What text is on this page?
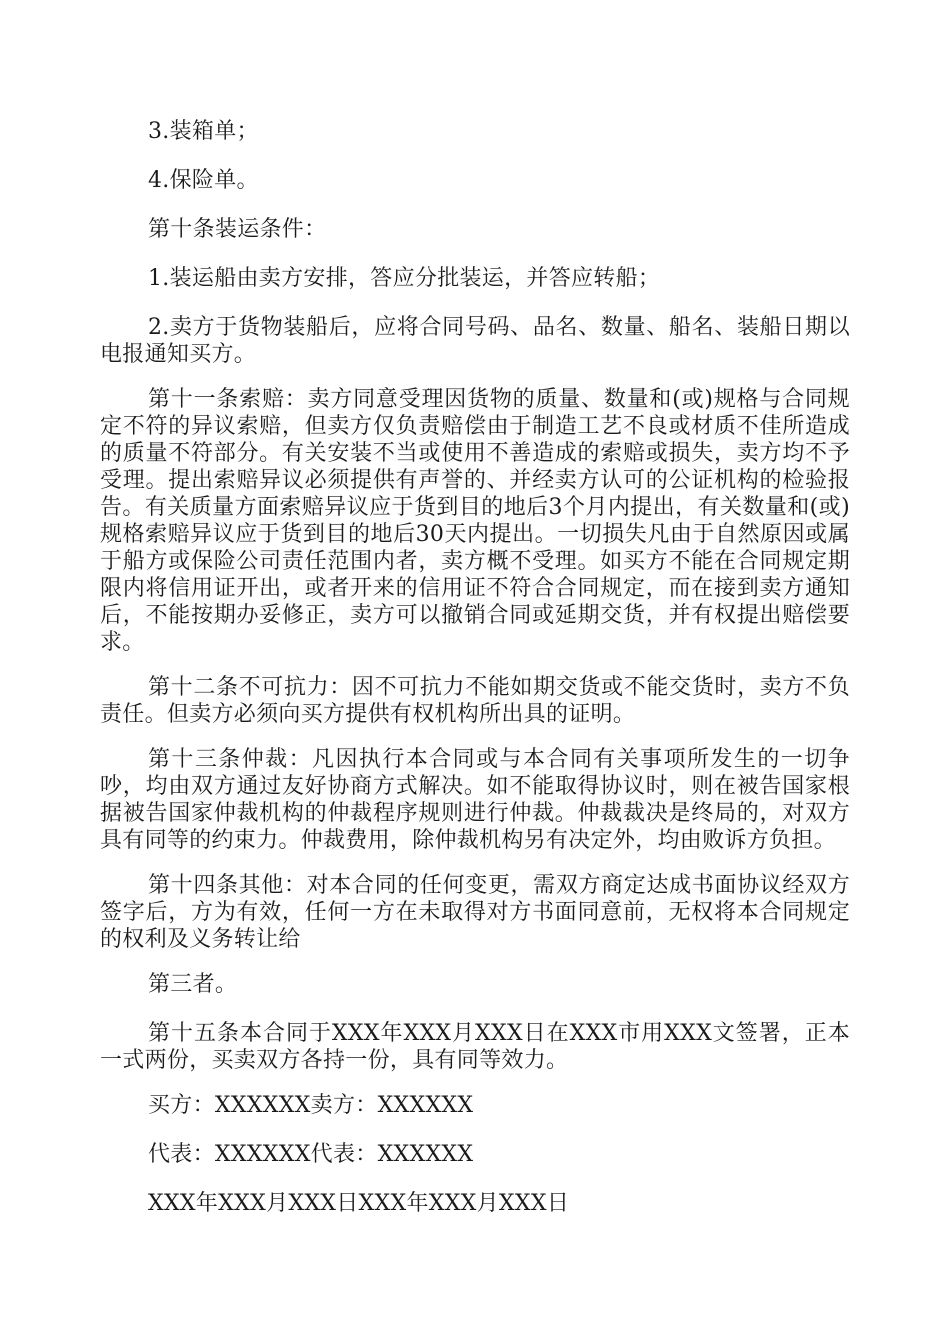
3.装箱单；

4.保险单。

第十条装运条件：

1.装运船由卖方安排，答应分批装运，并答应转船；

2.卖方于货物装船后，应将合同号码、品名、数量、船名、装船日期以电报通知买方。

第十一条索赔：卖方同意受理因货物的质量、数量和(或)规格与合同规定不符的异议索赔，但卖方仅负责赔偿由于制造工艺不良或材质不佳所造成的质量不符部分。有关安装不当或使用不善造成的索赔或损失，卖方均不予受理。提出索赔异议必须提供有声誉的、并经卖方认可的公证机构的检验报告。有关质量方面索赔异议应于货到目的地后3个月内提出，有关数量和(或)规格索赔异议应于货到目的地后30天内提出。一切损失凡由于自然原因或属于船方或保险公司责任范围内者，卖方概不受理。如买方不能在合同规定期限内将信用证开出，或者开来的信用证不符合合同规定，而在接到卖方通知后，不能按期办妥修正，卖方可以撤销合同或延期交货，并有权提出赔偿要求。

第十二条不可抗力：因不可抗力不能如期交货或不能交货时，卖方不负责任。但卖方必须向买方提供有权机构所出具的证明。

第十三条仲裁：凡因执行本合同或与本合同有关事项所发生的一切争吵，均由双方通过友好协商方式解决。如不能取得协议时，则在被告国家根据被告国家仲裁机构的仲裁程序规则进行仲裁。仲裁裁决是终局的，对双方具有同等的约束力。仲裁费用，除仲裁机构另有决定外，均由败诉方负担。

第十四条其他：对本合同的任何变更，需双方商定达成书面协议经双方签字后，方为有效，任何一方在未取得对方书面同意前，无权将本合同规定的权利及义务转让给

第三者。

第十五条本合同于XXX年XXX月XXX日在XXX市用XXX文签署，正本一式两份，买卖双方各持一份，具有同等效力。

买方：XXXXXX卖方：XXXXXX

代表：XXXXXX代表：XXXXXX

XXX年XXX月XXX日XXX年XXX月XXX日
